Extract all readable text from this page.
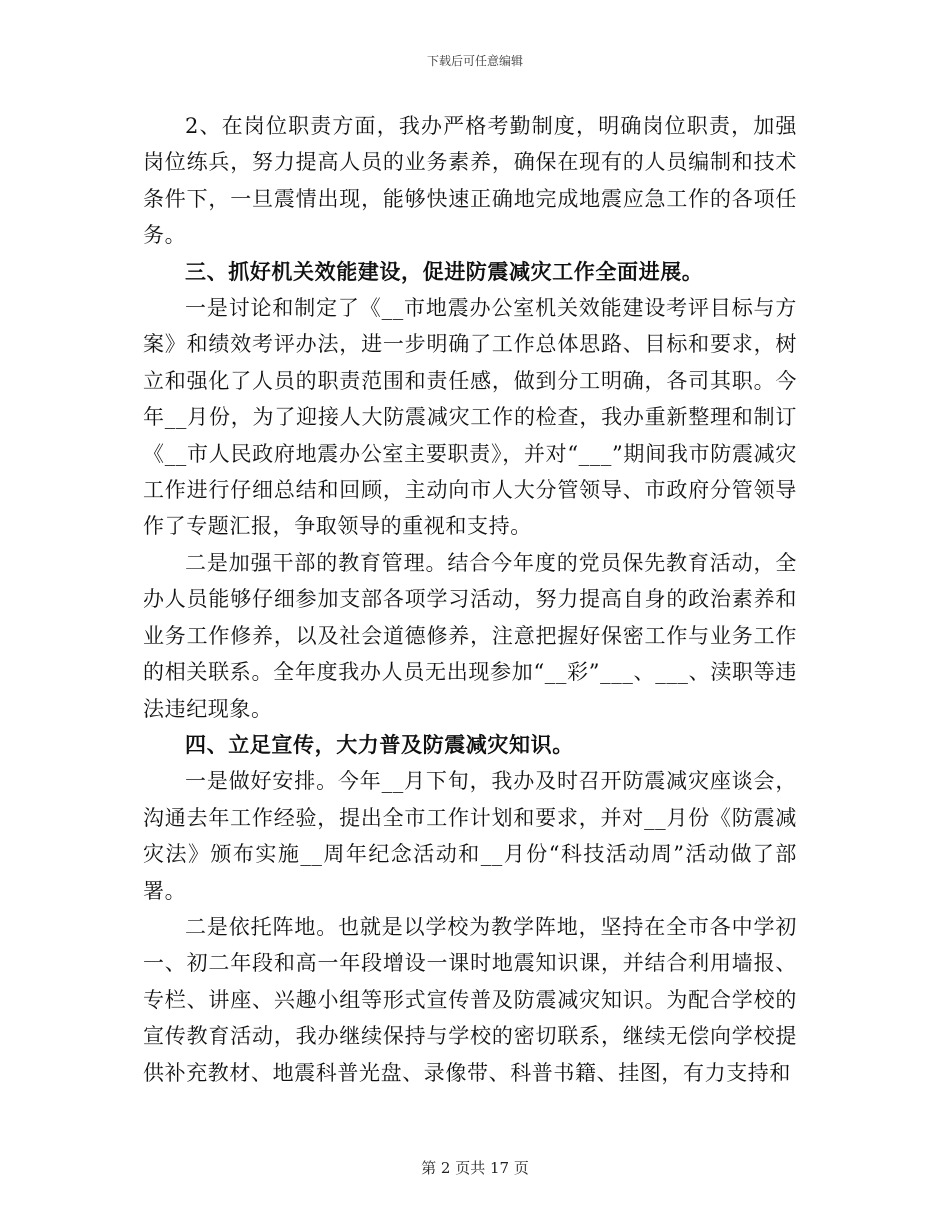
下载后可任意编辑

2、在岗位职责方面，我办严格考勤制度，明确岗位职责，加强岗位练兵，努力提高人员的业务素养，确保在现有的人员编制和技术条件下，一旦震情出现，能够快速正确地完成地震应急工作的各项任务。

三、抓好机关效能建设，促进防震减灾工作全面进展。

一是讨论和制定了《__市地震办公室机关效能建设考评目标与方案》和绩效考评办法，进一步明确了工作总体思路、目标和要求，树立和强化了人员的职责范围和责任感，做到分工明确，各司其职。今年__月份，为了迎接人大防震减灾工作的检查，我办重新整理和制订《__市人民政府地震办公室主要职责》，并对“___”期间我市防震减灾工作进行仔细总结和回顾，主动向市人大分管领导、市政府分管领导作了专题汇报，争取领导的重视和支持。

二是加强干部的教育管理。结合今年度的党员保先教育活动，全办人员能够仔细参加支部各项学习活动，努力提高自身的政治素养和业务工作修养，以及社会道德修养，注意把握好保密工作与业务工作的相关联系。全年度我办人员无出现参加“__彩”___、___、渎职等违法违纪现象。

四、立足宣传，大力普及防震减灾知识。

一是做好安排。今年__月下旬，我办及时召开防震减灾座谈会，沟通去年工作经验，提出全市工作计划和要求，并对__月份《防震减灾法》颁布实施__周年纪念活动和__月份“科技活动周”活动做了部署。

二是依托阵地。也就是以学校为教学阵地，坚持在全市各中学初一、初二年段和高一年段增设一课时地震知识课，并结合利用墙报、专栏、讲座、兴趣小组等形式宣传普及防震减灾知识。为配合学校的宣传教育活动，我办继续保持与学校的密切联系，继续无偿向学校提供补充教材、地震科普光盘、录像带、科普书籍、挂图，有力支持和

第 2 页共 17 页
